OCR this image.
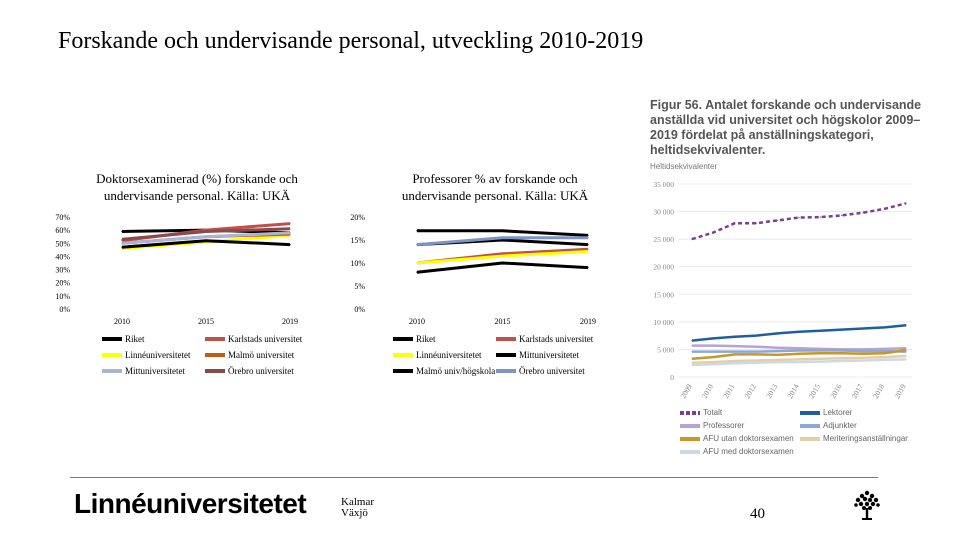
Forskande och undervisande personal, utveckling 2010-2019
Doktorsexaminerad (%) forskande och undervisande personal. Källa: UKÄ
Professorer % av forskande och undervisande personal. Källa: UKÄ
0%
10%
20%
30%
40%
50%
60%
70%
2010	2015	2019
0%
5%
10%
15%
20%
2010	2015	2019
Riket	Karlstads universitet
Linnéuniversitetet	Malmö universitet
Mittuniversitetet	Örebro universitet
Riket	Karlstads universitet
Linnéuniversitetet	Mittuniversitetet
Malmö univ/högskola	Örebro universitet
Figur 56. Antalet forskande och undervisande anställda vid universitet och högskolor 2009–2019 fördelat på anställningskategori, heltidsekvivalenter.
Heltidsekvivalenter
0
5 000
10 000
15 000
20 000
25 000
30 000
35 000
2009 2010 2011 2012 2013 2014 2015 2016 2017 2018 2019
Totalt	Lektorer
Professorer	Adjunkter
AFU utan doktorsexamen	Meriteringsanställningar
AFU med doktorsexamen
Linnéuniversitetet	Kalmar
Växjö	40
